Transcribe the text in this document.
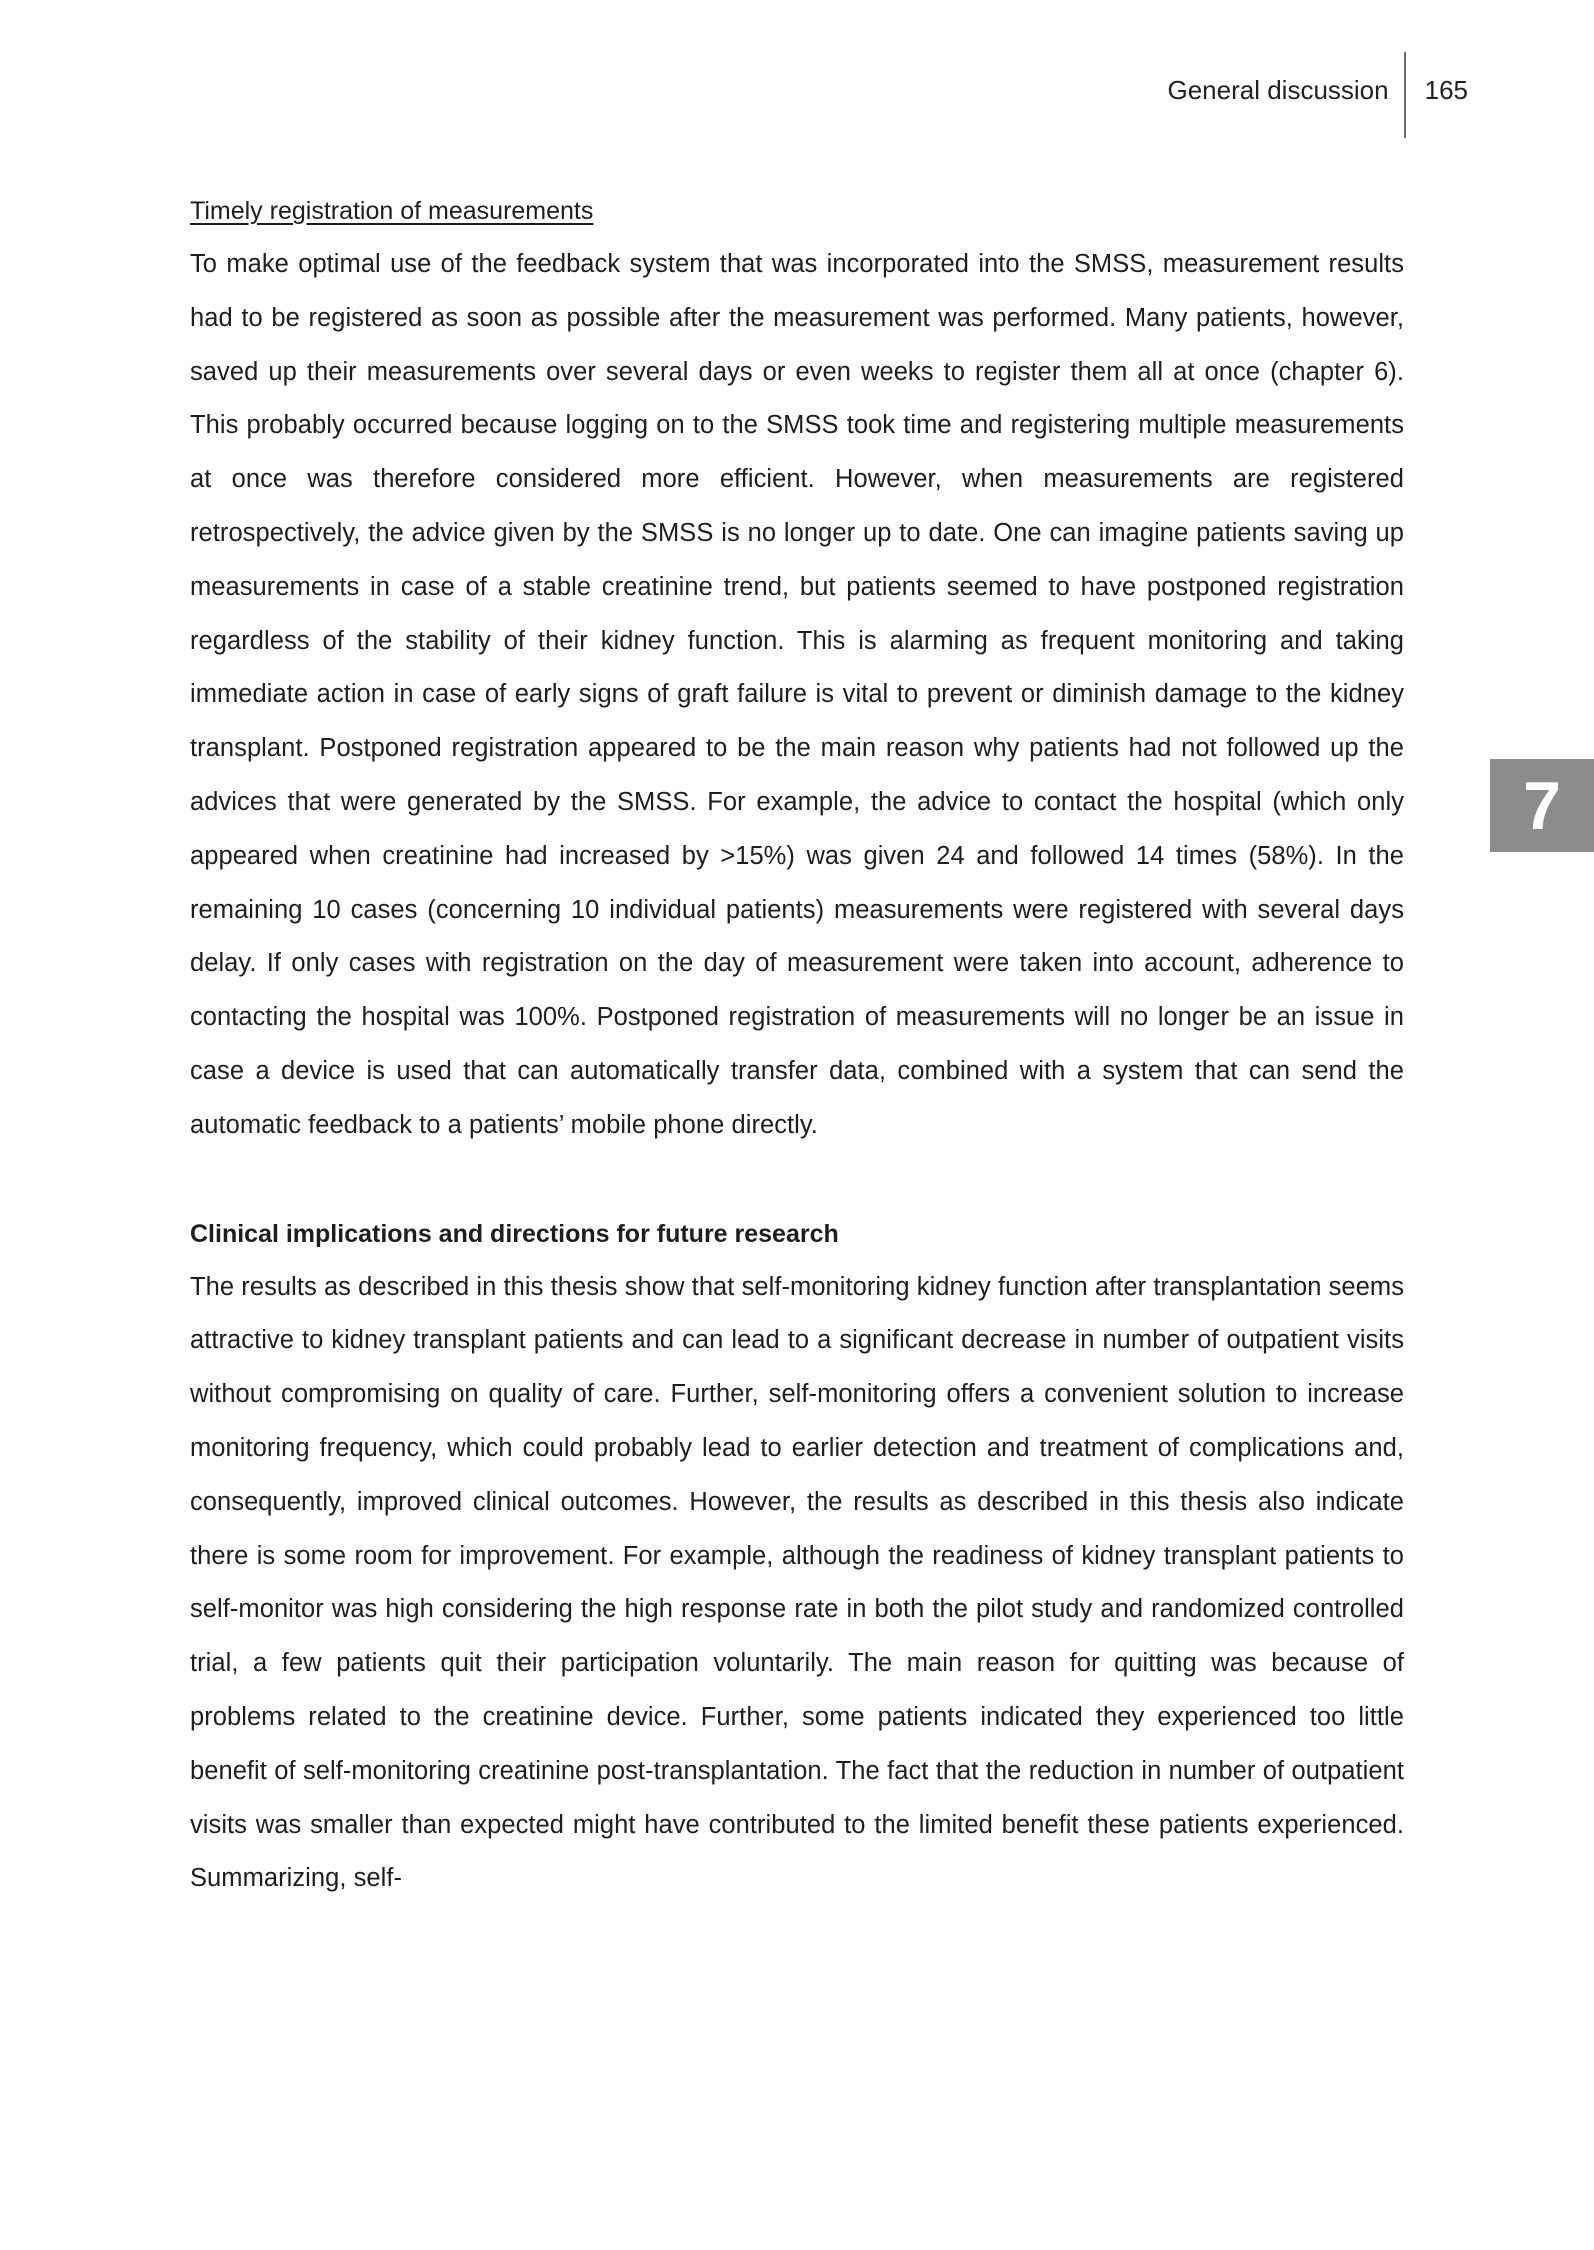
General discussion	165
7
Timely registration of measurements

To make optimal use of the feedback system that was incorporated into the SMSS, measurement results had to be registered as soon as possible after the measurement was performed. Many patients, however, saved up their measurements over several days or even weeks to register them all at once (chapter 6). This probably occurred because logging on to the SMSS took time and registering multiple measurements at once was therefore considered more efficient. However, when measurements are registered retrospectively, the advice given by the SMSS is no longer up to date. One can imagine patients saving up measurements in case of a stable creatinine trend, but patients seemed to have postponed registration regardless of the stability of their kidney function. This is alarming as frequent monitoring and taking immediate action in case of early signs of graft failure is vital to prevent or diminish damage to the kidney transplant. Postponed registration appeared to be the main reason why patients had not followed up the advices that were generated by the SMSS. For example, the advice to contact the hospital (which only appeared when creatinine had increased by >15%) was given 24 and followed 14 times (58%). In the remaining 10 cases (concerning 10 individual patients) measurements were registered with several days delay. If only cases with registration on the day of measurement were taken into account, adherence to contacting the hospital was 100%. Postponed registration of measurements will no longer be an issue in case a device is used that can automatically transfer data, combined with a system that can send the automatic feedback to a patients’ mobile phone directly.

Clinical implications and directions for future research

The results as described in this thesis show that self-monitoring kidney function after transplantation seems attractive to kidney transplant patients and can lead to a significant decrease in number of outpatient visits without compromising on quality of care. Further, self-monitoring offers a convenient solution to increase monitoring frequency, which could probably lead to earlier detection and treatment of complications and, consequently, improved clinical outcomes. However, the results as described in this thesis also indicate there is some room for improvement. For example, although the readiness of kidney transplant patients to self-monitor was high considering the high response rate in both the pilot study and randomized controlled trial, a few patients quit their participation voluntarily. The main reason for quitting was because of problems related to the creatinine device. Further, some patients indicated they experienced too little benefit of self-monitoring creatinine post-transplantation. The fact that the reduction in number of outpatient visits was smaller than expected might have contributed to the limited benefit these patients experienced. Summarizing, self-
